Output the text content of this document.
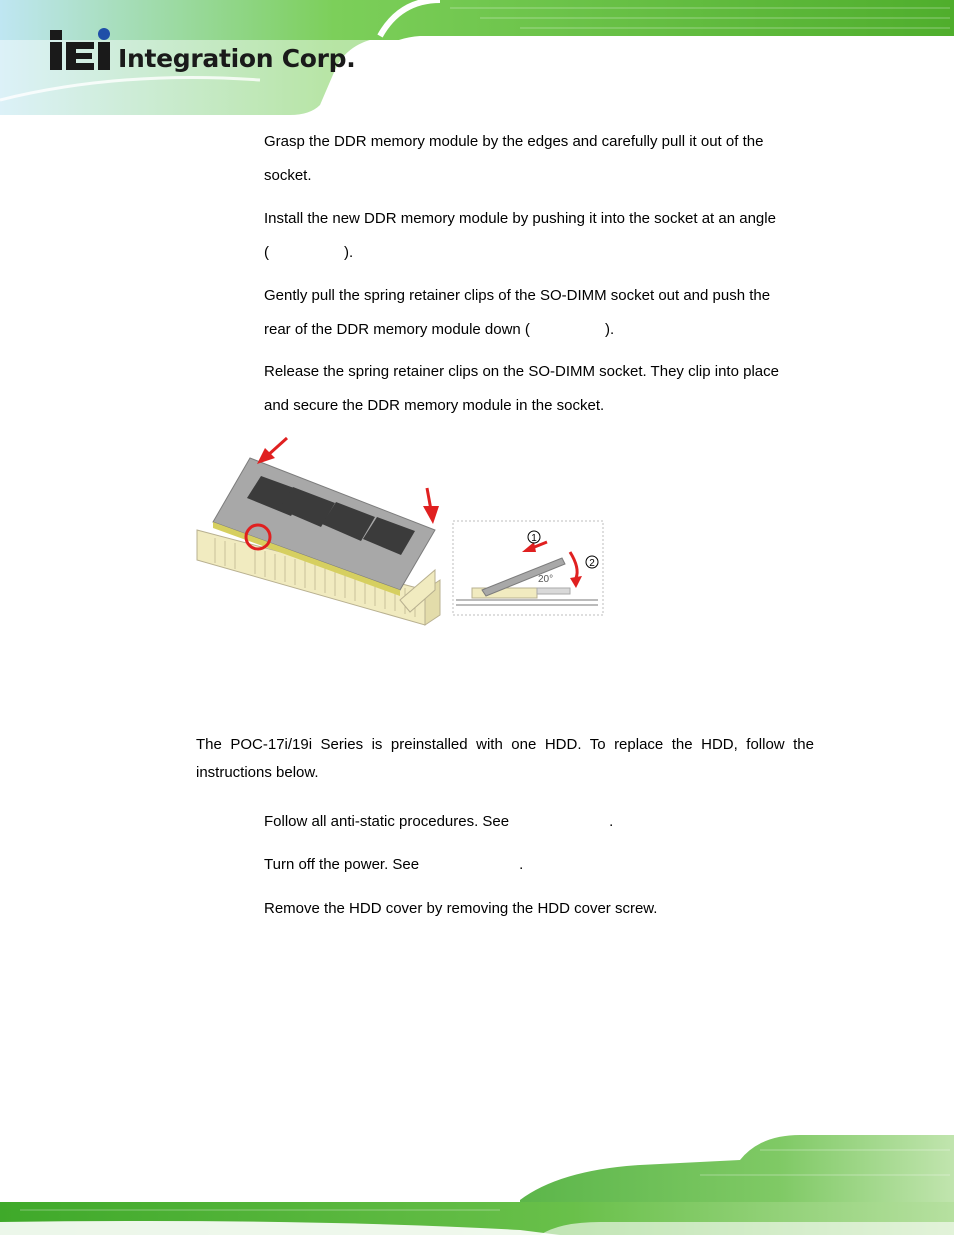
Integration Corp.

Grasp the DDR memory module by the edges and carefully pull it out of the
socket.

Install the new DDR memory module by pushing it into the socket at an angle
(                  ).

Gently pull the spring retainer clips of the SO-DIMM socket out and push the
rear of the DDR memory module down (                  ).

Release the spring retainer clips on the SO-DIMM socket. They clip into place
and secure the DDR memory module in the socket.

1
2
20°

The POC-17i/19i Series is preinstalled with one HDD. To replace the HDD, follow the instructions below.

Follow all anti-static procedures. See                        .

Turn off the power. See                        .

Remove the HDD cover by removing the HDD cover screw.
